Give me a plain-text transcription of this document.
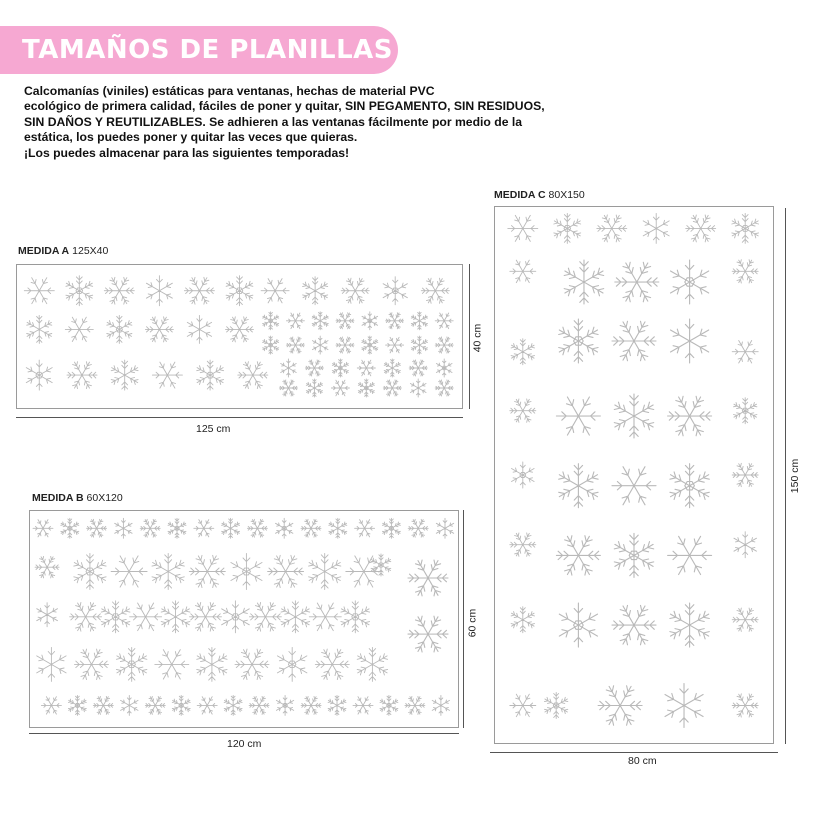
TAMAÑOS DE PLANILLAS
Calcomanías (viniles) estáticas para ventanas, hechas de material PVC
ecológico de primera calidad, fáciles de poner y quitar, SIN PEGAMENTO, SIN RESIDUOS,
SIN DAÑOS Y REUTILIZABLES. Se adhieren a las ventanas fácilmente por medio de la
estática, los puedes poner y quitar las veces que quieras.
¡Los puedes almacenar para las siguientes temporadas!
MEDIDA A 125X40
125 cm
40 cm
MEDIDA B 60X120
120 cm
60 cm
MEDIDA C 80X150
80 cm
150 cm
